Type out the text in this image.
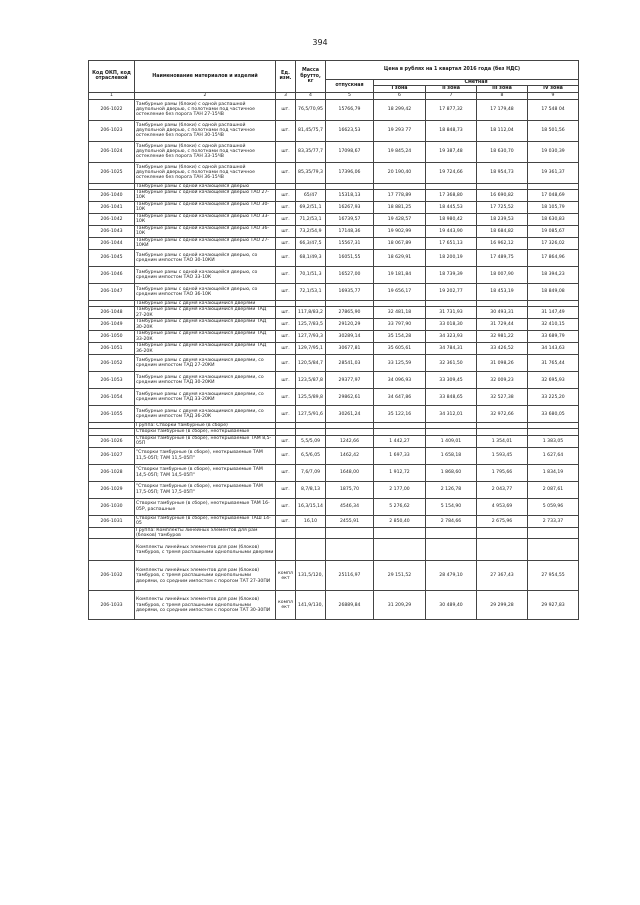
394
Код ОКП, код отраслевой	Наименование материалов и изделий	Ед. изм.	Масса брутто, кг	Цена в рублях на 1 квартал 2016 года (без НДС)				
				отпускная	Сметная			
					I зона	II зона	III зона	IV зона
1	2	3	4	5	6	7	8	9
206-1022	Тамбурные рамы (блоки) с одной распашной двупольной дверью, с полотнами под частичное остекление без порога ТАН 27-15ЧВ	шт.	76,5/70,95	15766,79	18 299,42	17 877,32	17 179,48	17 548 04
206-1023	Тамбурные рамы (блоки) с одной распашной двупольной дверью, с полотнами под частичное остекление без порога ТАН 30-15ЧВ	шт.	81,45/75,7	16623,53	19 293 77	18 848,73	18 112,04	18 501,56
206-1024	Тамбурные рамы (блоки) с одной распашной двупольной дверью, с полотнами под частичное остекление без порога ТАН 33-15ЧВ	шт.	83,35/77,7	17098,67	19 845,24	19 387,48	18 630,70	19 030,39
206-1025	Тамбурные рамы (блоки) с одной распашной двупольной дверью, с полотнами под частичное остекление без порога ТАН 36-15ЧВ	шт.	85,35/79,3	17396,06	20 190,40	19 724,66	18 954,73	19 361,37
	Тамбурные рамы с одной качающейся дверью							
206-1040	Тамбурные рамы с одной качающейся дверью ТАО 27-10К	шт.	65/47	15318,13	17 778,89	17 368,80	16 690,82	17 048,69
206-1041	Тамбурные рамы с одной качающейся дверью ТАО 30-10К	шт.	69,2/51,1	16267,93	18 881,25	18 445,53	17 725,52	18 105,79
206-1042	Тамбурные рамы с одной качающейся дверью ТАО 33-10К	шт.	71,2/53,1	16739,57	19 428,57	18 980,42	18 239,53	18 630,83
206-1043	Тамбурные рамы с одной качающейся дверью ТАО 36-10К	шт.	73,2/54,9	17148,36	19 902,99	19 443,90	18 684,82	19 085,67
206-1044	Тамбурные рамы с одной качающейся дверью ТАО 27-10КИ	шт.	66,3/47,5	15567,31	18 067,89	17 651,13	16 962,12	17 326,02
206-1045	Тамбурные рамы с одной качающейся дверью, со средним импостом ТАО 30-10КИ	шт.	68,1/49,3	16051,55	18 629,91	18 200,19	17 489,75	17 864,96
206-1046	Тамбурные рамы с одной качающейся дверью, со средним импостом ТАО 33-10К	шт.	70,1/51,3	16527,00	19 181,84	18 739,39	18 007,90	18 394,23
206-1047	Тамбурные рамы с одной качающейся дверью, со средним импостом ТАО 36-10К	шт.	72,1/53,1	16935,77	19 656,17	19 202,77	18 453,19	18 849,08
	Тамбурные рамы с двумя качающимися дверями							
206-1048	Тамбурные рамы с двумя качающимися дверями ТАД 27-20К	шт.	117,8/83,2	27865,90	32 481,18	31 731,93	30 493,31	31 147,49
206-1049	Тамбурные рамы с двумя качающимися дверями ТАД 30-20К	шт.	125,7/83,5	29120,29	33 797,90	33 018,30	31 729,44	32 410,15
206-1050	Тамбурные рамы с двумя качающимися дверями ТАД 33-20К	шт.	127,7/93,3	30289,14	35 154,28	34 323,93	32 981,22	33 689,79
206-1051	Тамбурные рамы с двумя качающимися дверями ТАД 36-20К	шт.	129,7/95,1	30677,81	35 605,61	34 784,31	33 426,52	34 143,63
206-1052	Тамбурные рамы с двумя качающимися дверями, со средним импостом ТАД 27-20КИ	шт.	120,5/84,7	28541,03	33 125,59	32 361,50	31 098,26	31 765,44
206-1053	Тамбурные рамы с двумя качающимися дверями, со средним импостом ТАД 30-20КИ	шт.	123,5/87,8	29377,97	34 096,93	33 309,45	32 009,23	32 695,93
206-1054	Тамбурные рамы с двумя качающимися дверями, со средним импостом ТАД 33-20КИ	шт.	125,5/89,8	29862,61	34 647,86	33 848,65	32 527,38	33 225,20
206-1055	Тамбурные рамы с двумя качающимися дверями, со средним импостом ТАД 36-20К	шт.	127,5/91,6	30261,24	35 122,16	34 312,01	32 972,66	33 680,05
	Группа: Створки тамбурные (в сборе)							
	Створки тамбурные (в сборе), неоткрываемые							
206-1026	Створки тамбурные (в сборе), неоткрываемые ТАМ 8,5-05П	шт.	5,5/5,09	1242,66	1 442,27	1 409,01	1 354,01	1 383,05
206-1027	"Створки тамбурные (в сборе), неоткрываемые ТАМ 11,5-05П; ТАМ 11,5-05П"	шт.	6,5/6,05	1462,42	1 697,33	1 658,18	1 593,45	1 627,64
206-1028	"Створки тамбурные (в сборе), неоткрываемые ТАМ 14,5-05П; ТАМ 14,5-05П"	шт.	7,6/7,09	1648,00	1 912,72	1 868,60	1 795,66	1 834,19
206-1029	"Створки тамбурные (в сборе), неоткрываемые ТАМ 17,5-05П; ТАМ 17,5-05П"	шт.	8,7/8,13	1875,70	2 177,00	2 126,78	2 043,77	2 087,61
206-1030	Створки тамбурные (в сборе), неоткрываемые ТАМ 16-05Р, распашные	шт.	16,3/15,14	4546,34	5 276,62	5 154,90	4 953,69	5 059,96
206-1031	Створки тамбурные (в сборе), неоткрываемые ТАШ 14-05	шт.	16,10	2455,91	2 850,40	2 784,66	2 675,96	2 733,37
	Группа: Комплекты линейных элементов для рам (блоков) тамбуров							
	Комплекты линейных элементов для рам (блоков) тамбуров, с тремя распашными однопольными дверями							
206-1032	Комплекты линейных элементов для рам (блоков) тамбуров, с тремя распашными однопольными дверями, со средним импостом с порогом ТАТ 27-30ПИ	компл ект	131,5/120,	25116,97	29 151,52	28 479,10	27 367,43	27 954,55
206-1033	Комплекты линейных элементов для рам (блоков) тамбуров, с тремя распашными однопольными дверями, со средним импостом с порогом ТАТ 30-30ПИ	компл ект	141,9/130,	26889,84	31 209,29	30 489,40	29 299,28	29 927,83
